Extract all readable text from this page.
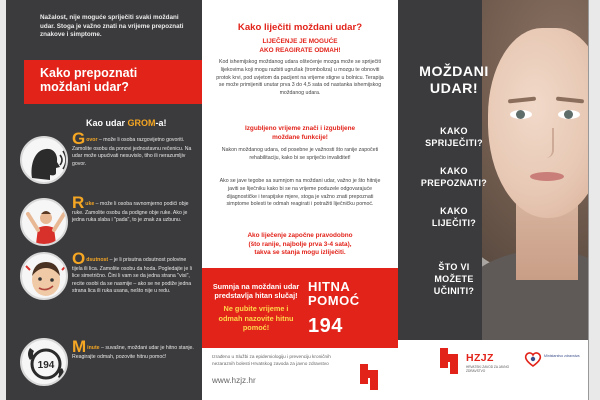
Nažalost, nije moguće spriječiti svaki moždani udar. Stoga je važno znati na vrijeme prepoznati znakove i simptome.

Kako prepoznati
moždani udar?
Kao udar GROM-a!
Govor – može li osoba razgovijetno govoriti. Zamolite osobu da ponovi jednostavnu rečenicu. Na udar može upućivati nesuvislo, tiho ili nerazumljiv govor.
Ruke – može li osoba ravnomjerno podići obje ruke. Zamolite osobu da podigne obje ruke. Ako je jedna ruka slaba i "pada", to je znak za uzbunu.
Odsutnost – je li prisutna odsutnost polovine tijela ili lica. Zamolite osobu da hoda. Pogledajte je li lice simetrično. Čini li vam se da jedna strana "visi", recite osobi da se nasmije – ako se ne podiže jedna strana lica ili ruka usana, nešto nije u redu.
194
Minute – suvašne, moždani udar je hitno stanje. Reagirajte odmah, pozovite hitnu pomoć!
Kako liječiti moždani udar?
LIJEČENJE JE MOGUĆE
AKO REAGIRATE ODMAH!

Kod ishemijskog moždanog udara oštećenje mozga može se spriječiti lijekovima koji mogu razbiti ugrušak (tromboliza) u mozgu te obnoviti protok krvi, pod uvjetom da pacijent na vrijeme stigne u bolnicu. Terapija se može primijeniti unutar prva 3 do 4,5 sata od nastanka ishemijskog moždanog udara.

Izgubljeno vrijeme znači i izgubljene
moždane funkcije!

Nakon moždanog udara, od posebne je važnosti što ranije započeti rehabilitaciju, kako bi se spriječio invaliditet!

Ako se javе tegobe sa sumnjom na moždani udar, važno je što hitnije javiti se liječniku kako bi se na vrijeme poduzele odgovarajuće dijagnostičke i terapijske mjere, stoga je važno znati prepoznati simptome bolesti te odmah reagirati i potražiti liječničku pomoć.

Ako liječenje započne pravodobno
(što ranije, najbolje prva 3-4 sata),
takva se stanja mogu izliječiti.
Sumnja na moždani udar predstavlja hitan slučaj!
Ne gubite vrijeme i odmah nazovite hitnu pomoć!
HITNA
POMOĆ
194

Izrađeno u Službi za epidemiologiju i prevenciju kroničnih nezaraznih bolesti Hrvatskog zavoda za javno zdravstvo

www.hzjz.hr
MOŽDANI
UDAR!
KAKO
SPRIJEČITI?
KAKO
PREPOZNATI?
KAKO
LIJEČITI?
ŠTO VI
MOŽETE
UČINITI?
HZJZ
HRVATSKI ZAVOD ZA JAVNO ZDRAVSTVO
Ministarstvo zdravstva
